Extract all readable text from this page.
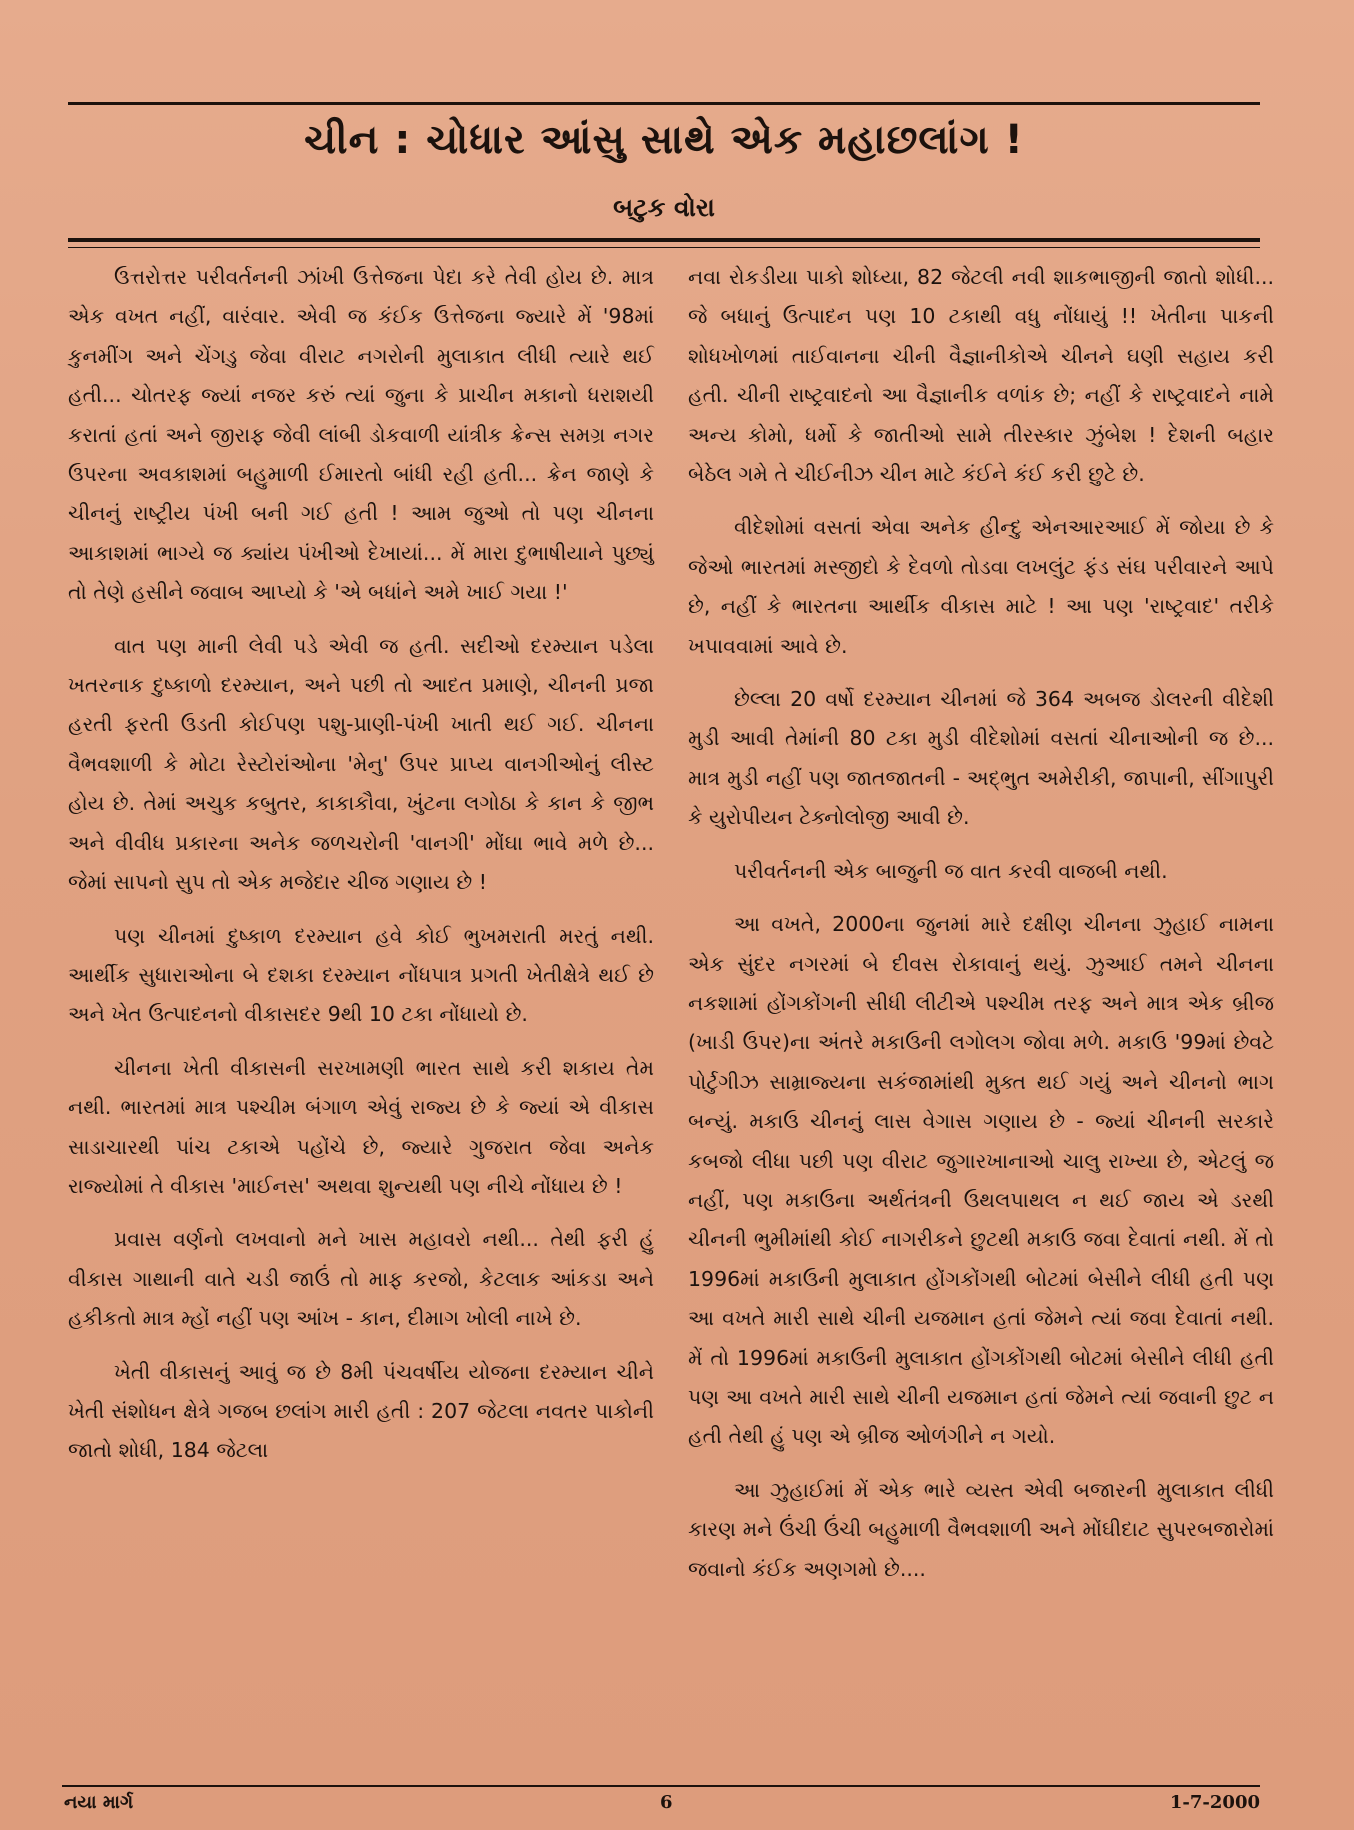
ચીન : ચોધાર આંસુ સાથે એક મહાછલાંગ !
બટુક વોરા

ઉત્તરોત્તર પરીવર્તનની ઝાંખી ઉત્તેજના પેદા કરે તેવી હોય છે. માત્ર એક વખત નહીં, વારંવાર. એવી જ કંઈક ઉત્તેજના જ્યારે મેં '98માં કુનમીંગ અને ચેંગડુ જેવા વીરાટ નગરોની મુલાકાત લીધી ત્યારે થઈ હતી... ચોતરફ જ્યાં નજર કરું ત્યાં જુના કે પ્રાચીન મકાનો ધરાશયી કરાતાં હતાં અને જીરાફ જેવી લાંબી ડોકવાળી યાંત્રીક ક્રેન્સ સમગ્ર નગર ઉપરના અવકાશમાં બહુમાળી ઈમારતો બાંધી રહી હતી... ક્રેન જાણે કે ચીનનું રાષ્ટ્રીય પંખી બની ગઈ હતી ! આમ જુઓ તો પણ ચીનના આકાશમાં ભાગ્યે જ ક્યાંય પંખીઓ દેખાયાં... મેં મારા દુભાષીયાને પુછ્યું તો તેણે હસીને જવાબ આપ્યો કે 'એ બધાંને અમે ખાઈ ગયા !'

વાત પણ માની લેવી પડે એવી જ હતી. સદીઓ દરમ્યાન પડેલા ખતરનાક દુષ્કાળો દરમ્યાન, અને પછી તો આદત પ્રમાણે, ચીનની પ્રજા હરતી ફરતી ઉડતી કોઈપણ પશુ-પ્રાણી-પંખી ખાતી થઈ ગઈ. ચીનના વૈભવશાળી કે મોટા રેસ્ટોરાંઓના 'મેનુ' ઉપર પ્રાપ્ય વાનગીઓનું લીસ્ટ હોય છે. તેમાં અચુક કબુતર, કાકાકૌવા, ખુંટના લગોઠા કે કાન કે જીભ અને વીવીધ પ્રકારના અનેક જળચરોની 'વાનગી' મોંઘા ભાવે મળે છે... જેમાં સાપનો સુપ તો એક મજેદાર ચીજ ગણાય છે !

પણ ચીનમાં દુષ્કાળ દરમ્યાન હવે કોઈ ભુખમરાતી મરતું નથી. આર્થીક સુધારાઓના બે દશકા દરમ્યાન નોંધપાત્ર પ્રગતી ખેતીક્ષેત્રે થઈ છે અને ખેત ઉત્પાદનનો વીકાસદર 9થી 10 ટકા નોંધાયો છે.

ચીનના ખેતી વીકાસની સરખામણી ભારત સાથે કરી શકાય તેમ નથી. ભારતમાં માત્ર પશ્ચીમ બંગાળ એવું રાજ્ય છે કે જ્યાં એ વીકાસ સાડાચારથી પાંચ ટકાએ પહોંચે છે, જ્યારે ગુજરાત જેવા અનેક રાજ્યોમાં તે વીકાસ 'માઈનસ' અથવા શુન્યથી પણ નીચે નોંધાય છે !

પ્રવાસ વર્ણનો લખવાનો મને ખાસ મહાવરો નથી... તેથી ફરી હું વીકાસ ગાથાની વાતે ચડી જાઉં તો માફ કરજો, કેટલાક આંકડા અને હકીકતો માત્ર મ્હોં નહીં પણ આંખ - કાન, દીમાગ ખોલી નાખે છે.

ખેતી વીકાસનું આવું જ છે 8મી પંચવર્ષીય યોજના દરમ્યાન ચીને ખેતી સંશોધન ક્ષેત્રે ગજબ છલાંગ મારી હતી : 207 જેટલા નવતર પાકોની જાતો શોધી, 184 જેટલા

નવા રોકડીયા પાકો શોધ્યા, 82 જેટલી નવી શાકભાજીની જાતો શોધી... જે બધાનું ઉત્પાદન પણ 10 ટકાથી વધુ નોંધાયું !! ખેતીના પાકની શોધખોળમાં તાઈવાનના ચીની વૈજ્ઞાનીકોએ ચીનને ઘણી સહાય કરી હતી. ચીની રાષ્ટ્રવાદનો આ વૈજ્ઞાનીક વળાંક છે; નહીં કે રાષ્ટ્રવાદને નામે અન્ય કોમો, ધર્મો કે જાતીઓ સામે તીરસ્કાર ઝુંબેશ ! દેશની બહાર બેઠેલ ગમે તે ચીઈનીઝ ચીન માટે કંઈને કંઈ કરી છુટે છે.

વીદેશોમાં વસતાં એવા અનેક હીન્દુ એનઆરઆઈ મેં જોયા છે કે જેઓ ભારતમાં મસ્જીદો કે દેવળો તોડવા લખલુંટ ફંડ સંઘ પરીવારને આપે છે, નહીં કે ભારતના આર્થીક વીકાસ માટે ! આ પણ 'રાષ્ટ્રવાદ' તરીકે ખપાવવામાં આવે છે.

છેલ્લા 20 વર્ષો દરમ્યાન ચીનમાં જે 364 અબજ ડોલરની વીદેશી મુડી આવી તેમાંની 80 ટકા મુડી વીદેશોમાં વસતાં ચીનાઓની જ છે... માત્ર મુડી નહીં પણ જાતજાતની - અદ્ભુત અમેરીકી, જાપાની, સીંગાપુરી કે યુરોપીયન ટેક્નોલોજી આવી છે.

પરીવર્તનની એક બાજુની જ વાત કરવી વાજબી નથી.

આ વખતે, 2000ના જુનમાં મારે દક્ષીણ ચીનના ઝુહાઈ નામના એક સુંદર નગરમાં બે દીવસ રોકાવાનું થયું. ઝુઆઈ તમને ચીનના નકશામાં હોંગકોંગની સીધી લીટીએ પશ્ચીમ તરફ અને માત્ર એક બ્રીજ (ખાડી ઉપર)ના અંતરે મકાઉની લગોલગ જોવા મળે. મકાઉ '99માં છેવટે પોર્ટુગીઝ સામ્રાજ્યના સકંજામાંથી મુક્ત થઈ ગયું અને ચીનનો ભાગ બન્યું. મકાઉ ચીનનું લાસ વેગાસ ગણાય છે - જ્યાં ચીનની સરકારે કબજો લીધા પછી પણ વીરાટ જુગારખાનાઓ ચાલુ રાખ્યા છે, એટલું જ નહીં, પણ મકાઉના અર્થતંત્રની ઉથલપાથલ ન થઈ જાય એ ડરથી ચીનની ભુમીમાંથી કોઈ નાગરીકને છુટથી મકાઉ જવા દેવાતાં નથી. મેં તો 1996માં મકાઉની મુલાકાત હોંગકોંગથી બોટમાં બેસીને લીધી હતી પણ આ વખતે મારી સાથે ચીની યજમાન હતાં જેમને ત્યાં જવા દેવાતાં નથી. મેં તો 1996માં મકાઉની મુલાકાત હોંગકોંગથી બોટમાં બેસીને લીધી હતી પણ આ વખતે મારી સાથે ચીની યજમાન હતાં જેમને ત્યાં જવાની છુટ ન હતી તેથી હું પણ એ બ્રીજ ઓળંગીને ન ગયો.

આ ઝુહાઈમાં મેં એક ભારે વ્યસ્ત એવી બજારની મુલાકાત લીધી કારણ મને ઉંચી ઉંચી બહુમાળી વૈભવશાળી અને મોંઘીદાટ સુપરબજારોમાં જવાનો કંઈક અણગમો છે....

નયા માર્ગ	6	1-7-2000
